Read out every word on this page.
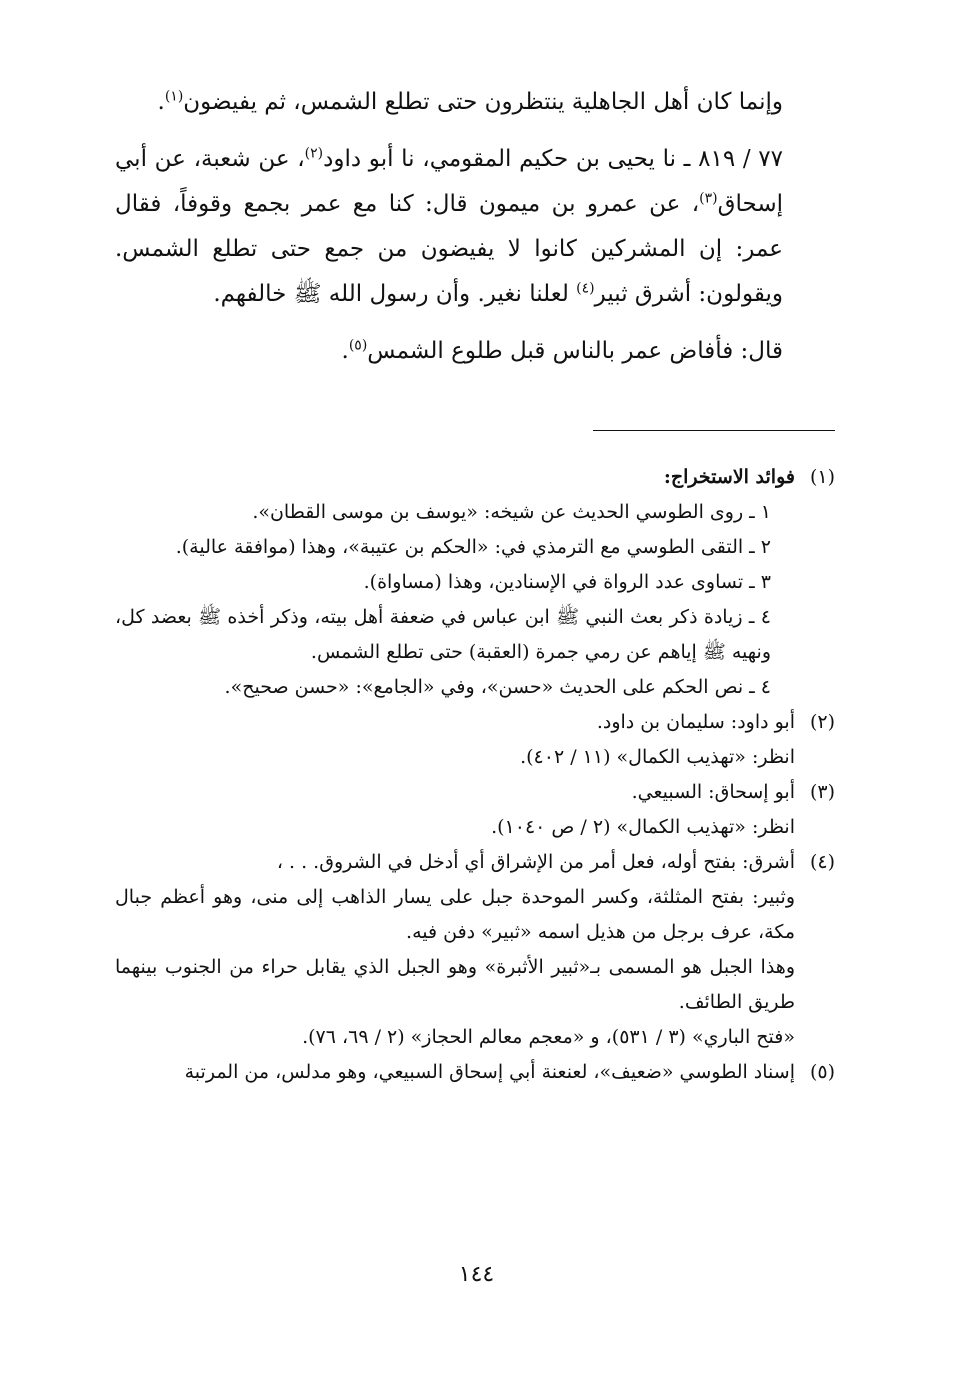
وإنما كان أهل الجاهلية ينتظرون حتى تطلع الشمس، ثم يفيضون$^{(١)}$.

٧٧ / ٨١٩ ـ نا يحيى بن حكيم المقومي، نا أبو داود$^{(٢)}$، عن شعبة، عن أبي إسحاق$^{(٣)}$، عن عمرو بن ميمون قال: كنا مع عمر بجمع وقوفاً، فقال عمر: إن المشركين كانوا لا يفيضون من جمع حتى تطلع الشمس. ويقولون: أشرق ثبير$^{(٤)}$ لعلنا نغير. وأن رسول الله ﷺ خالفهم.

قال: فأفاض عمر بالناس قبل طلوع الشمس$^{(٥)}$.

(١)
فوائد الاستخراج:

١ ـ روى الطوسي الحديث عن شيخه: «يوسف بن موسى القطان».

٢ ـ التقى الطوسي مع الترمذي في: «الحكم بن عتيبة»، وهذا (موافقة عالية).

٣ ـ تساوى عدد الرواة في الإسنادين، وهذا (مساواة).

٤ ـ زيادة ذكر بعث النبي ﷺ ابن عباس في ضعفة أهل بيته، وذكر أخذه ﷺ بعضد كل، ونهيه ﷺ إياهم عن رمي جمرة (العقبة) حتى تطلع الشمس.

٤ ـ نص الحكم على الحديث «حسن»، وفي «الجامع»: «حسن صحيح».

(٢)
أبو داود: سليمان بن داود.

انظر: «تهذيب الكمال» (١١ / ٤٠٢).

(٣)
أبو إسحاق: السبيعي.

انظر: «تهذيب الكمال» (٢ / ص ١٠٤٠).

(٤)
أشرق: بفتح أوله، فعل أمر من الإشراق أي أدخل في الشروق. . . ،

وثبير: بفتح المثلثة، وكسر الموحدة جبل على يسار الذاهب إلى منى، وهو أعظم جبال مكة، عرف برجل من هذيل اسمه «ثبير» دفن فيه.

وهذا الجبل هو المسمى بـ«ثبير الأثبرة» وهو الجبل الذي يقابل حراء من الجنوب بينهما طريق الطائف.

«فتح الباري» (٣ / ٥٣١)، و «معجم معالم الحجاز» (٢ / ٦٩، ٧٦).

(٥)
إسناد الطوسي «ضعيف»، لعنعنة أبي إسحاق السبيعي، وهو مدلس، من المرتبة
١٤٤
